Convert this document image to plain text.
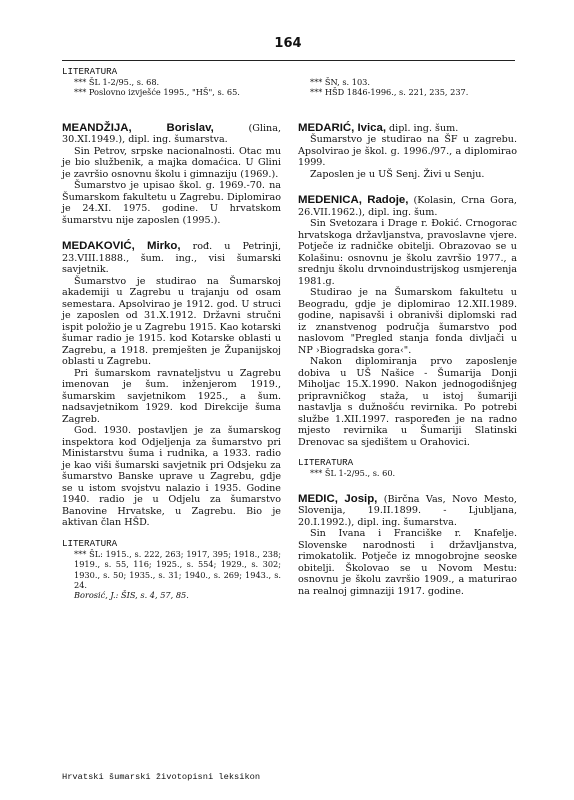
164

LITERATURA

*** ŠL 1-2/95., s. 68.

*** Poslovno izvješće 1995., "HŠ", s. 65.

MEANDŽIJA, Borislav, (Glina, 30.XI.1949.), dipl. ing. šumarstva.

Sin Petrov, srpske nacionalnosti. Otac mu je bio službenik, a majka domaćica. U Glini je završio osnovnu školu i gimnaziju (1969.).

Šumarstvo je upisao škol. g. 1969.-70. na Šumarskom fakultetu u Zagrebu. Diplomirao je 24.XI. 1975. godine. U hrvatskom šumarstvu nije zaposlen (1995.).

MEDAKOVIĆ, Mirko, rođ. u Petrinji, 23.VIII.1888., šum. ing., visi šumarski savjetnik.

Šumarstvo je studirao na Šumarskoj akademiji u Zagrebu u trajanju od osam semestara. Apsolvirao je 1912. god. U struci je zaposlen od 31.X.1912. Državni stručni ispit položio je u Zagrebu 1915. Kao kotarski šumar radio je 1915. kod Kotarske oblasti u Zagrebu, a 1918. premješten je Županijskoj oblasti u Zagrebu.

Pri šumarskom ravnateljstvu u Zagrebu imenovan je šum. inženjerom 1919., šumarskim savjetnikom 1925., a šum. nadsavjetnikom 1929. kod Direkcije šuma Zagreb.

God. 1930. postavljen je za šumarskog inspektora kod Odjeljenja za šumarstvo pri Ministarstvu šuma i rudnika, a 1933. radio je kao viši šumarski savjetnik pri Odsjeku za šumarstvo Banske uprave u Zagrebu, gdje se u istom svojstvu nalazio i 1935. Godine 1940. radio je u Odjelu za šumarstvo Banovine Hrvatske, u Zagrebu. Bio je aktivan član HŠD.

LITERATURA

*** ŠL: 1915., s. 222, 263; 1917, 395; 1918., 238; 1919., s. 55, 116; 1925., s. 554; 1929., s. 302; 1930., s. 50; 1935., s. 31; 1940., s. 269; 1943., s. 24.

Borosić, J.: ŠIS, s. 4, 57, 85.

*** ŠN, s. 103.

*** HŠD 1846-1996., s. 221, 235, 237.

MEDARIĆ, Ivica, dipl. ing. šum.

Šumarstvo je studirao na ŠF u zagrebu. Apsolvirao je škol. g. 1996./97., a diplomirao 1999.

Zaposlen je u UŠ Senj. Živi u Senju.

MEDENICA, Radoje, (Kolasin, Crna Gora, 26.VII.1962.), dipl. ing. šum.

Sin Svetozara i Drage r. Đokić. Crnogorac hrvatskoga državljanstva, pravoslavne vjere. Potječe iz radničke obitelji. Obrazovao se u Kolašinu: osnovnu je školu završio 1977., a srednju školu drvnoindustrijskog usmjerenja 1981.g.

Studirao je na Šumarskom fakultetu u Beogradu, gdje je diplomirao 12.XII.1989. godine, napisavši i obranivši diplomski rad iz znanstvenog područja šumarstvo pod naslovom "Pregled stanja fonda divljači u NP ›Biogradska gora‹".

Nakon diplomiranja prvo zaposlenje dobiva u UŠ Našice - Šumarija Donji Miholjac 15.X.1990. Nakon jednogodišnjeg pripravničkog staža, u istoj šumariji nastavlja s dužnošću revirnika. Po potrebi službe 1.XII.1997. raspoređen je na radno mjesto revirnika u Šumariji Slatinski Drenovac sa sjedištem u Orahovici.

LITERATURA

*** ŠL 1-2/95., s. 60.

MEDIC, Josip, (Birčna Vas, Novo Mesto, Slovenija, 19.II.1899. - Ljubljana, 20.I.1992.), dipl. ing. šumarstva.

Sin Ivana i Franciške r. Knafelje. Slovenske narodnosti i državljanstva, rimokatolik. Potječe iz mnogobrojne seoske obitelji. Školovao se u Novom Mestu: osnovnu je školu završio 1909., a maturirao na realnoj gimnaziji 1917. godine.

Hrvatski šumarski životopisni leksikon
